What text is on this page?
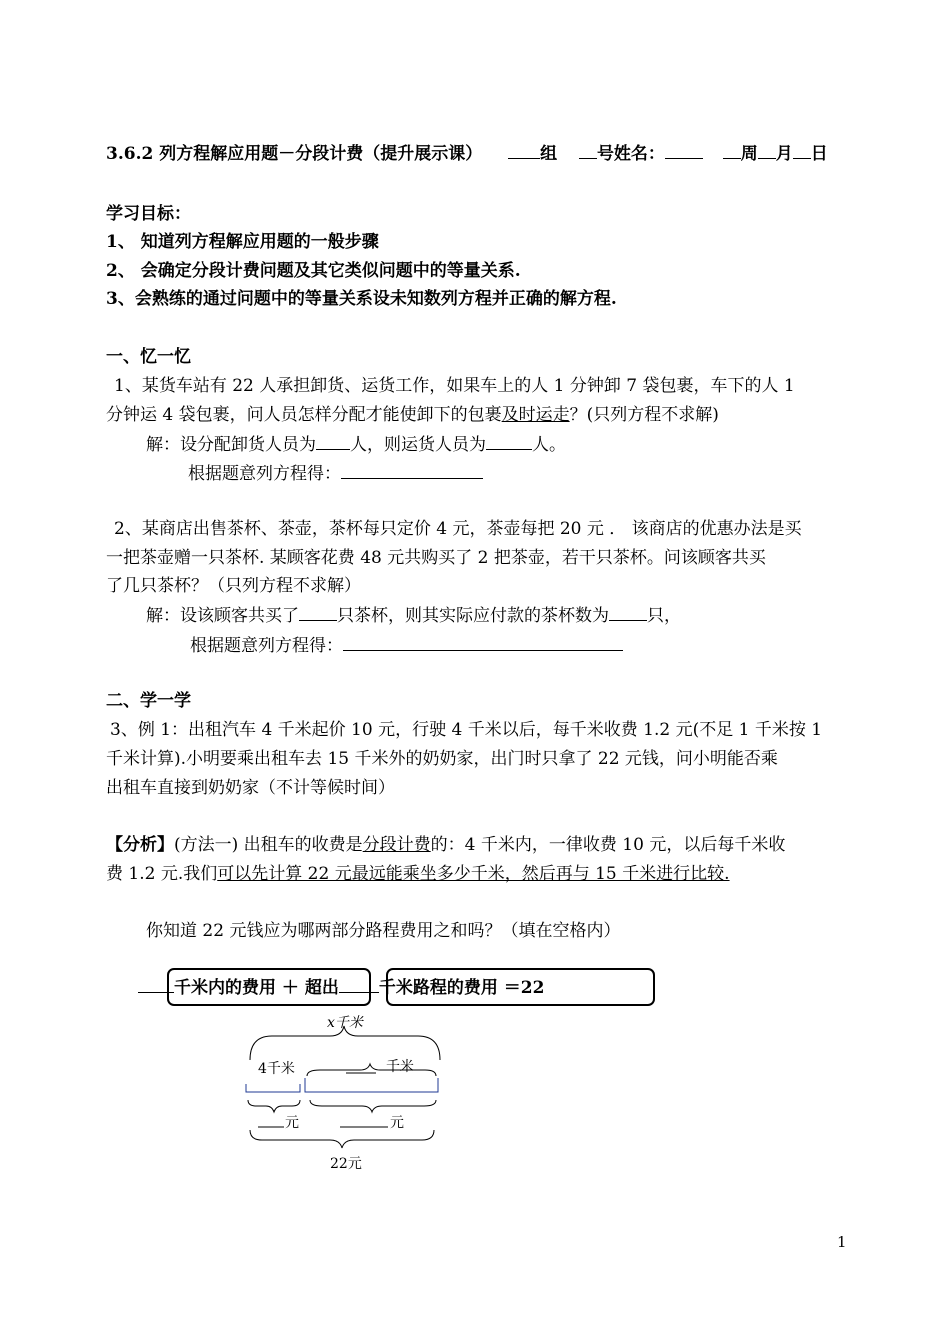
3.6.2 列方程解应用题－分段计费（提升展示课）	组 号姓名：	周 月 日
学习目标：
1、 知道列方程解应用题的一般步骤
2、 会确定分段计费问题及其它类似问题中的等量关系.
3、会熟练的通过问题中的等量关系设未知数列方程并正确的解方程.
一、忆一忆
1、某货车站有 22 人承担卸货、运货工作，如果车上的人 1 分钟卸 7 袋包裹，车下的人 1
分钟运 4 袋包裹，问人员怎样分配才能使卸下的包裹及时运走？(只列方程不求解)
解：设分配卸货人员为 人，则运货人员为	人。
根据题意列方程得：
2、某商店出售茶杯、茶壶，茶杯每只定价 4 元，茶壶每把 20 元 ． 该商店的优惠办法是买
一把茶壶赠一只茶杯. 某顾客花费 48 元共购买了 2 把茶壶，若干只茶杯。问该顾客共买
了几只茶杯？（只列方程不求解）
解：设该顾客共买了 只茶杯，则其实际应付款的茶杯数为 只，
根据题意列方程得：
二、学一学
3、例 1：出租汽车 4 千米起价 10 元，行驶 4 千米以后，每千米收费 1.2 元(不足 1 千米按 1
千米计算).小明要乘出租车去 15 千米外的奶奶家，出门时只拿了 22 元钱，问小明能否乘
出租车直接到奶奶家（不计等候时间）
【分析】(方法一) 出租车的收费是分段计费的：4 千米内，一律收费 10 元，以后每千米收
费 1.2 元.我们可以先计算 22 元最远能乘坐多少千米，然后再与 15 千米进行比较.
你知道 22 元钱应为哪两部分路程费用之和吗？（填在空格内）
千米内的费用 ＋ 超出 千米路程的费用 ＝22
x千米
4千米	千米
元	元
22元
1
